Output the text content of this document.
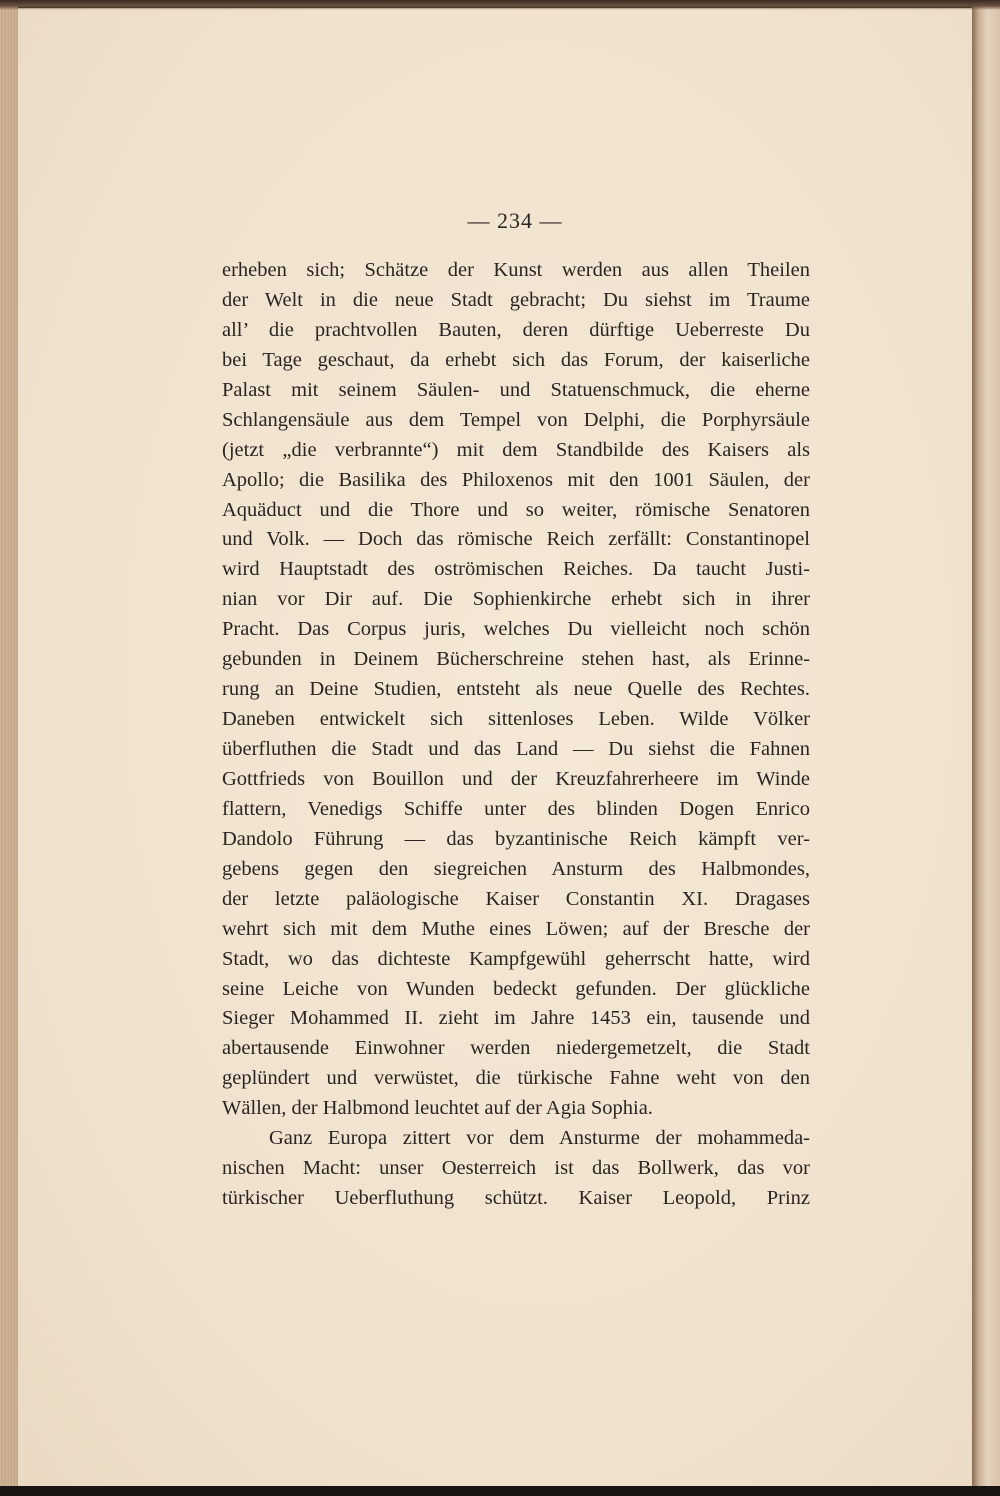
— 234 —
erheben sich; Schätze der Kunst werden aus allen Theilen
der Welt in die neue Stadt gebracht; Du siehst im Traume
all’ die prachtvollen Bauten, deren dürftige Ueberreste Du
bei Tage geschaut, da erhebt sich das Forum, der kaiserliche
Palast mit seinem Säulen- und Statuenschmuck, die eherne
Schlangensäule aus dem Tempel von Delphi, die Porphyrsäule
(jetzt „die verbrannte“) mit dem Standbilde des Kaisers als
Apollo; die Basilika des Philoxenos mit den 1001 Säulen, der
Aquäduct und die Thore und so weiter, römische Senatoren
und Volk. — Doch das römische Reich zerfällt: Constantinopel
wird Hauptstadt des oströmischen Reiches. Da taucht Justi-
nian vor Dir auf. Die Sophienkirche erhebt sich in ihrer
Pracht. Das Corpus juris, welches Du vielleicht noch schön
gebunden in Deinem Bücherschreine stehen hast, als Erinne-
rung an Deine Studien, entsteht als neue Quelle des Rechtes.
Daneben entwickelt sich sittenloses Leben. Wilde Völker
überfluthen die Stadt und das Land — Du siehst die Fahnen
Gottfrieds von Bouillon und der Kreuzfahrerheere im Winde
flattern, Venedigs Schiffe unter des blinden Dogen Enrico
Dandolo Führung — das byzantinische Reich kämpft ver-
gebens gegen den siegreichen Ansturm des Halbmondes,
der letzte paläologische Kaiser Constantin XI. Dragases
wehrt sich mit dem Muthe eines Löwen; auf der Bresche der
Stadt, wo das dichteste Kampfgewühl geherrscht hatte, wird
seine Leiche von Wunden bedeckt gefunden. Der glückliche
Sieger Mohammed II. zieht im Jahre 1453 ein, tausende und
abertausende Einwohner werden niedergemetzelt, die Stadt
geplündert und verwüstet, die türkische Fahne weht von den
Wällen, der Halbmond leuchtet auf der Agia Sophia.
Ganz Europa zittert vor dem Ansturme der mohammeda-
nischen Macht: unser Oesterreich ist das Bollwerk, das vor
türkischer Ueberfluthung schützt. Kaiser Leopold, Prinz
